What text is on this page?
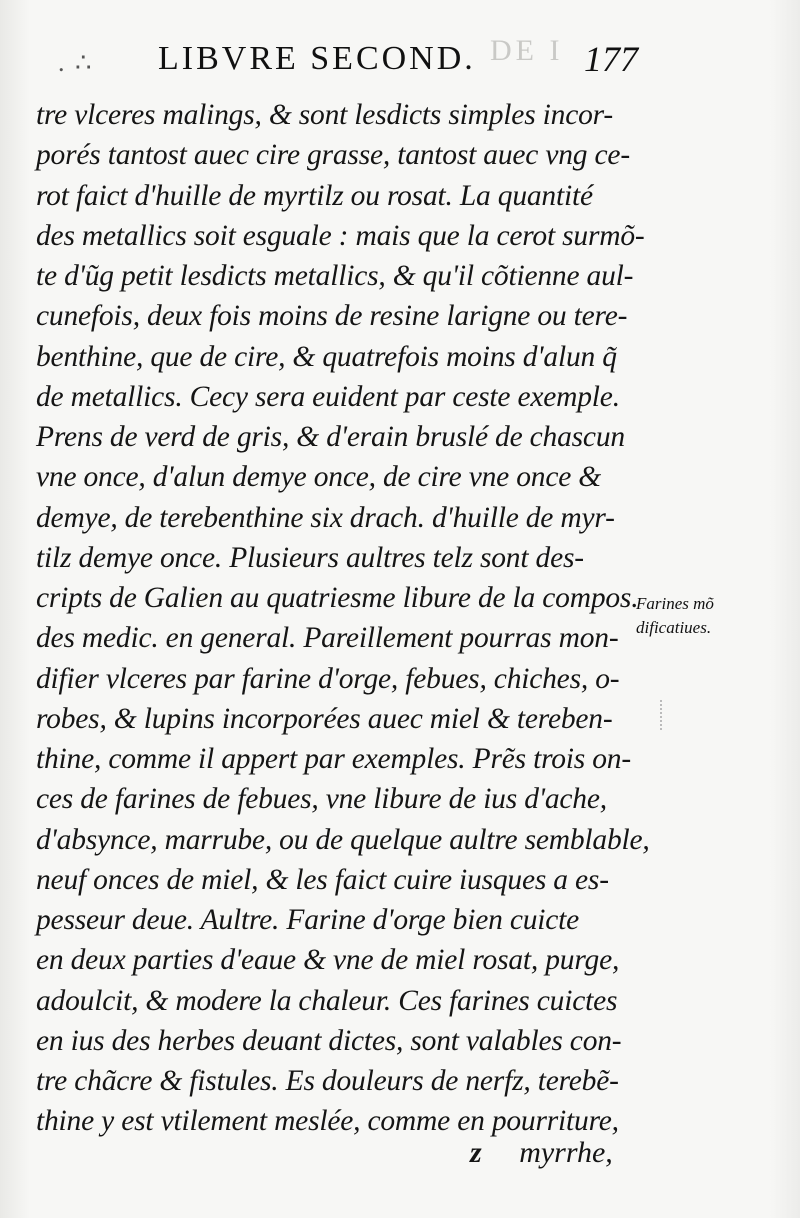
DE I
. ∴ LIBVRE SECOND.	177
tre vlceres malings, & sont lesdicts simples incor-
porés tantost auec cire grasse, tantost auec vng ce-
rot faict d'huille de myrtilz ou rosat. La quantité
des metallics soit esguale : mais que la cerot surmõ-
te d'ũg petit lesdicts metallics, & qu'il cõtienne aul-
cunefois, deux fois moins de resine larigne ou tere-
benthine, que de cire, & quatrefois moins d'alun q̃
de metallics. Cecy sera euident par ceste exemple.
Prens de verd de gris, & d'erain bruslé de chascun
vne once, d'alun demye once, de cire vne once &
demye, de terebenthine six drach. d'huille de myr-
tilz demye once. Plusieurs aultres telz sont des-
cripts de Galien au quatriesme libure de la compos.
des medic. en general. Pareillement pourras mon-
difier vlceres par farine d'orge, febues, chiches, o-
robes, & lupins incorporées auec miel & tereben-
thine, comme il appert par exemples. Prẽs trois on-
ces de farines de febues, vne libure de ius d'ache,
d'absynce, marrube, ou de quelque aultre semblable,
neuf onces de miel, & les faict cuire iusques a es-
pesseur deue. Aultre. Farine d'orge bien cuicte
en deux parties d'eaue & vne de miel rosat, purge,
adoulcit, & modere la chaleur. Ces farines cuictes
en ius des herbes deuant dictes, sont valables con-
tre chãcre & fistules. Es douleurs de nerfz, terebẽ-
thine y est vtilement meslée, comme en pourriture,
Farines mõ
dificatiues.
z myrrhe,
